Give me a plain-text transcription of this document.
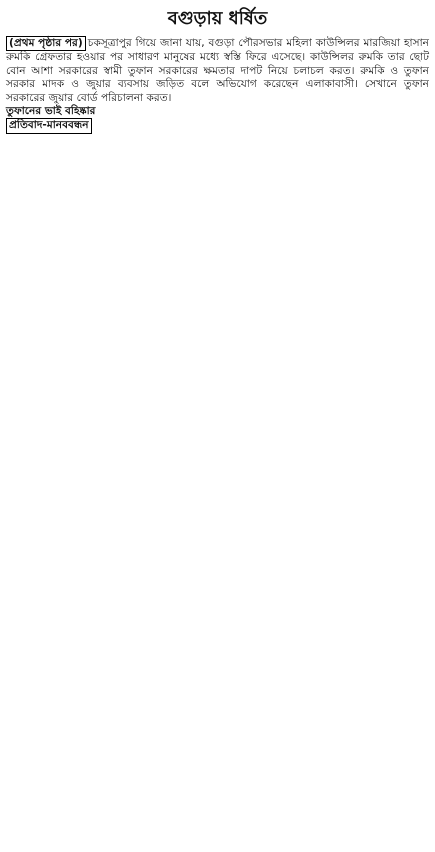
বগুড়ায় ধর্ষিত

(প্রথম পৃষ্ঠার পর) চকসূত্রাপুর গিয়ে জানা যায়, বগুড়া পৌরসভার মহিলা কাউন্সিলর মারজিয়া হাসান রুমকি গ্রেফতার হওয়ার পর সাধারণ মানুষের মধ্যে স্বস্তি ফিরে এসেছে। কাউন্সিলর রুমকি তার ছোট বোন আশা সরকারের স্বামী তুফান সরকারের ক্ষমতার দাপট নিয়ে চলাচল করত। রুমকি ও তুফান সরকার মাদক ও জুয়ার ব্যবসায় জড়িত বলে অভিযোগ করেছেন এলাকাবাসী। সেখানে তুফান সরকারের জুয়ার বোর্ড পরিচালনা করত।

তুফানের ভাই বহিষ্কার

প্রতিবাদ-মানববন্ধন
